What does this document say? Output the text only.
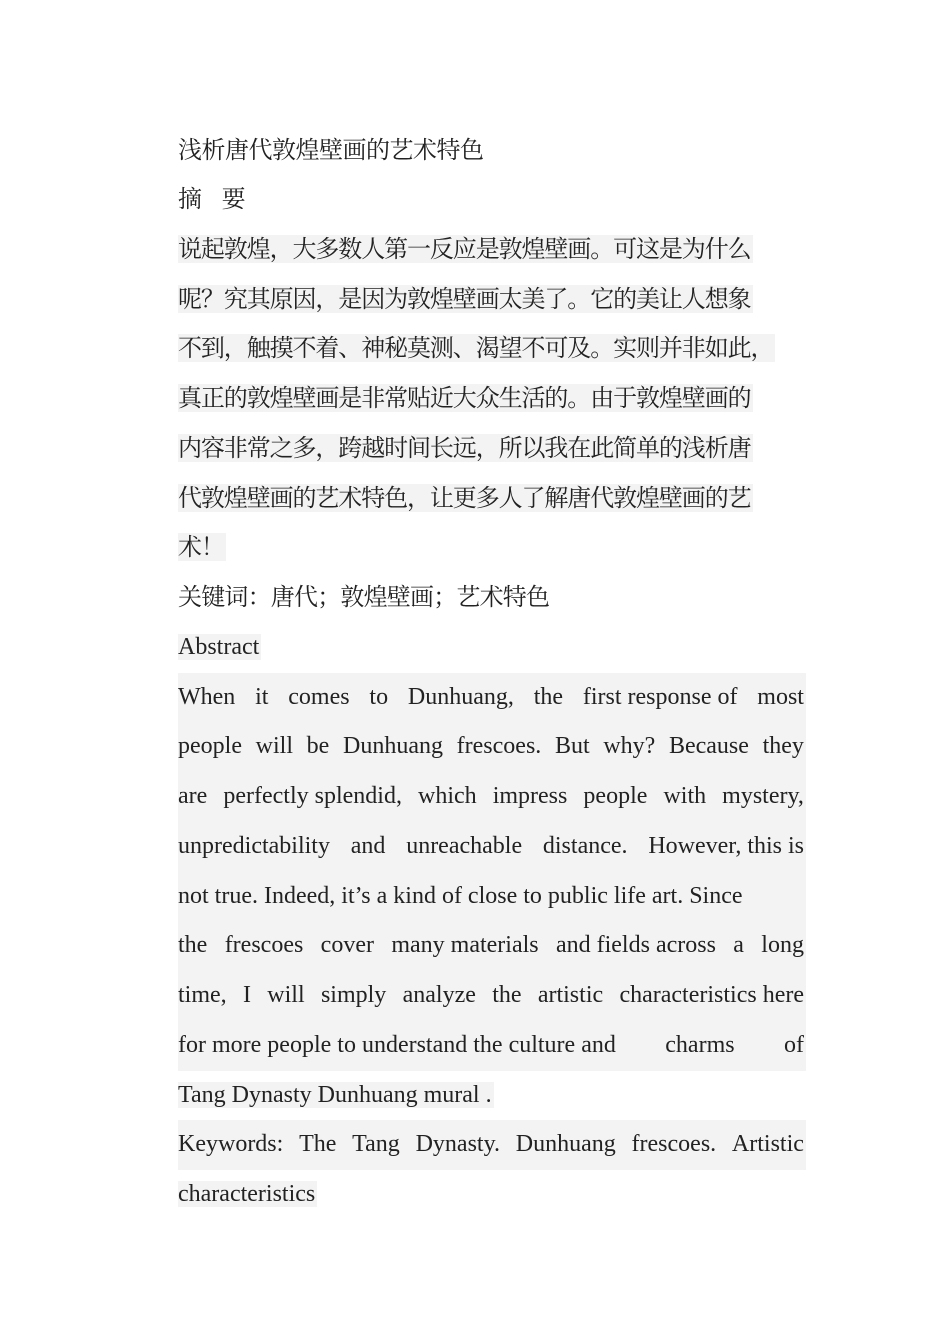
浅析唐代敦煌壁画的艺术特色
摘 要
说起敦煌，大多数人第一反应是敦煌壁画。可这是为什么
呢？究其原因，是因为敦煌壁画太美了。它的美让人想象
不到，触摸不着、神秘莫测、渴望不可及。实则并非如此，
真正的敦煌壁画是非常贴近大众生活的。由于敦煌壁画的
内容非常之多，跨越时间长远，所以我在此简单的浅析唐
代敦煌壁画的艺术特色，让更多人了解唐代敦煌壁画的艺
术！
关键词：唐代；敦煌壁画；艺术特色
Abstract
When it comes to Dunhuang, the first response of most
people will be Dunhuang frescoes. But why? Because they
are perfectly splendid, which impress people with mystery,
unpredictability and unreachable distance. However, this is
not true. Indeed, it’s a kind of close to public life art. Since
the frescoes cover many materials and fields across a long
time, I will simply analyze the artistic characteristics here
for more people to understand the culture and charms of
Tang Dynasty Dunhuang mural .
Keywords: The Tang Dynasty. Dunhuang frescoes. Artistic
characteristics
